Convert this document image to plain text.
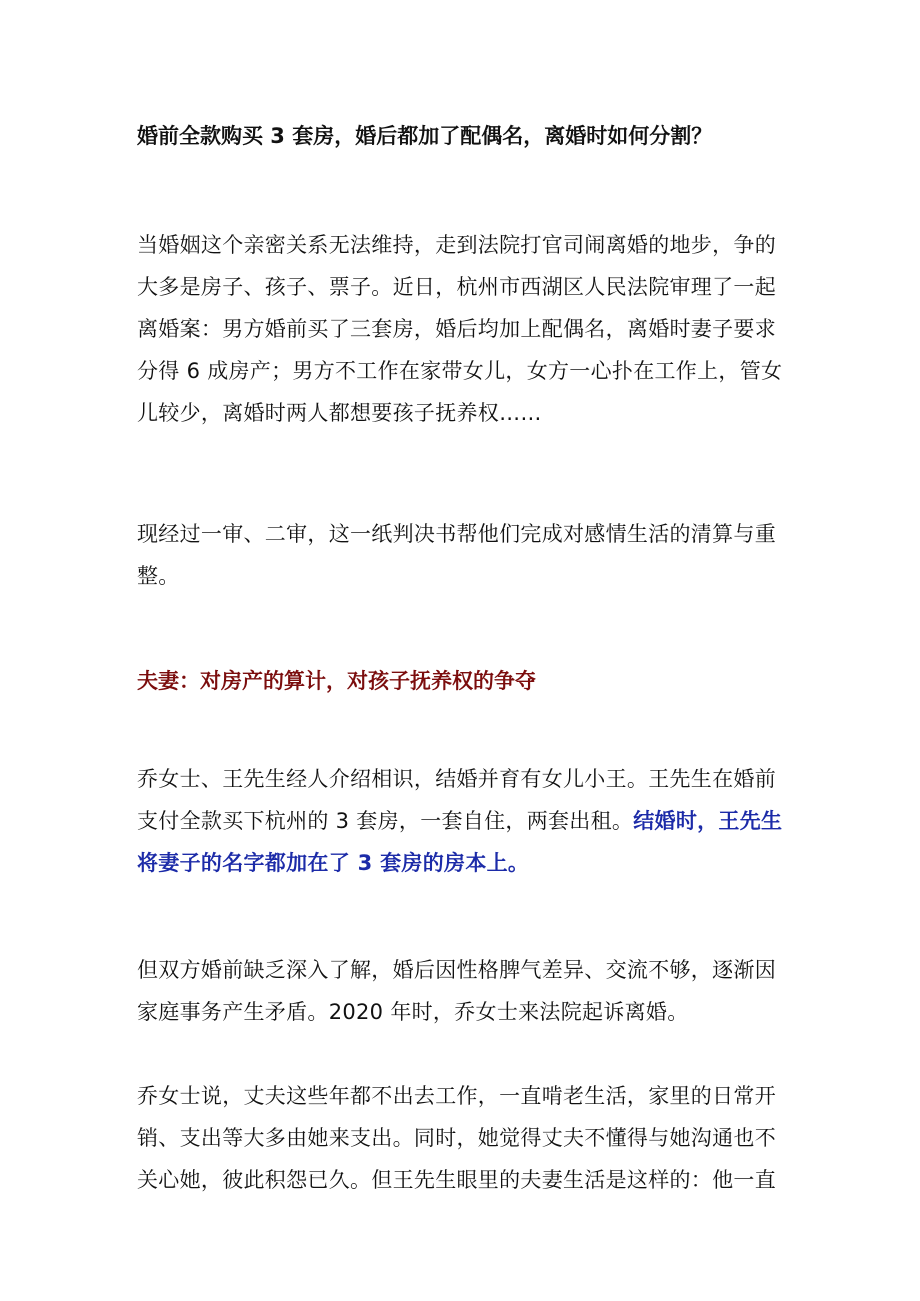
婚前全款购买 3 套房，婚后都加了配偶名，离婚时如何分割？

当婚姻这个亲密关系无法维持，走到法院打官司闹离婚的地步，争的大多是房子、孩子、票子。近日，杭州市西湖区人民法院审理了一起离婚案：男方婚前买了三套房，婚后均加上配偶名，离婚时妻子要求分得 6 成房产；男方不工作在家带女儿，女方一心扑在工作上，管女儿较少，离婚时两人都想要孩子抚养权……

现经过一审、二审，这一纸判决书帮他们完成对感情生活的清算与重整。

夫妻：对房产的算计，对孩子抚养权的争夺

乔女士、王先生经人介绍相识，结婚并育有女儿小王。王先生在婚前支付全款买下杭州的 3 套房，一套自住，两套出租。结婚时，王先生将妻子的名字都加在了 3 套房的房本上。

但双方婚前缺乏深入了解，婚后因性格脾气差异、交流不够，逐渐因家庭事务产生矛盾。2020 年时，乔女士来法院起诉离婚。

乔女士说，丈夫这些年都不出去工作，一直啃老生活，家里的日常开销、支出等大多由她来支出。同时，她觉得丈夫不懂得与她沟通也不关心她，彼此积怨已久。但王先生眼里的夫妻生活是这样的：他一直
